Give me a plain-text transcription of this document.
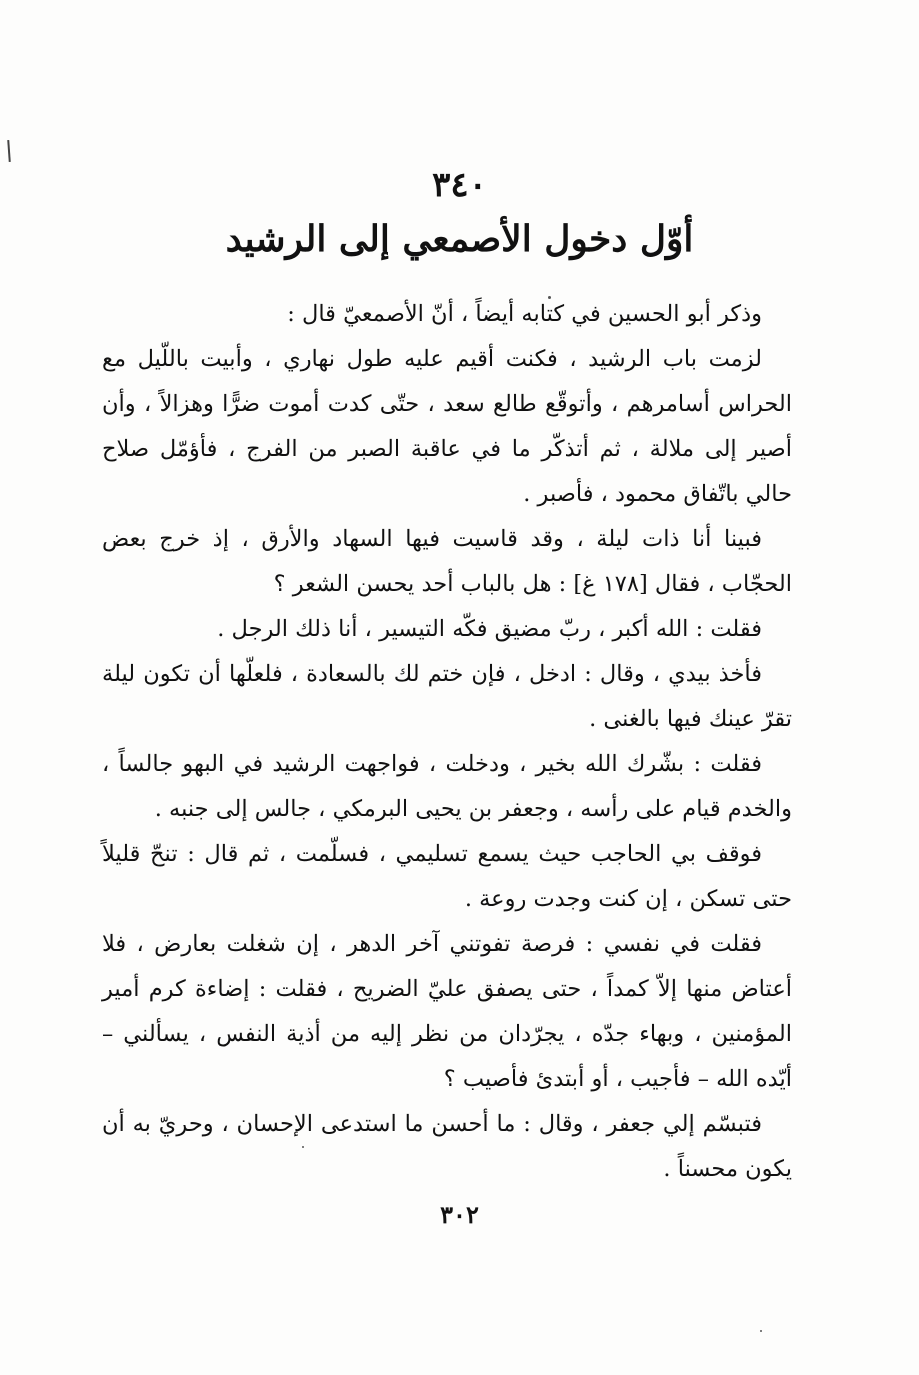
٣٤٠
أوّل دخول الأصمعي إلى الرشيد

وذكر أبو الحسين في كتابه أيضاً ، أنّ الأصمعيّ قال :

لزمت باب الرشيد ، فكنت أقيم عليه طول نهاري ، وأبيت باللّيل مع الحراس أسامرهم ، وأتوقّع طالع سعد ، حتّى كدت أموت ضرًّا وهزالاً ، وأن أصير إلى ملالة ، ثم أتذكّر ما في عاقبة الصبر من الفرج ، فأؤمّل صلاح حالي باتّفاق محمود ، فأصبر .

فبينا أنا ذات ليلة ، وقد قاسيت فيها السهاد والأرق ، إذ خرج بعض الحجّاب ، فقال [١٧٨ غ] : هل بالباب أحد يحسن الشعر ؟

فقلت : الله أكبر ، ربّ مضيق فكّه التيسير ، أنا ذلك الرجل .

فأخذ بيدي ، وقال : ادخل ، فإن ختم لك بالسعادة ، فلعلّها أن تكون ليلة تقرّ عينك فيها بالغنى .

فقلت : بشّرك الله بخير ، ودخلت ، فواجهت الرشيد في البهو جالساً ، والخدم قيام على رأسه ، وجعفر بن يحيى البرمكي ، جالس إلى جنبه .

فوقف بي الحاجب حيث يسمع تسليمي ، فسلّمت ، ثم قال : تنحّ قليلاً حتى تسكن ، إن كنت وجدت روعة .

فقلت في نفسي : فرصة تفوتني آخر الدهر ، إن شغلت بعارض ، فلا أعتاض منها إلاّ كمداً ، حتى يصفق عليّ الضريح ، فقلت : إضاءة كرم أمير المؤمنين ، وبهاء جدّه ، يجرّدان من نظر إليه من أذية النفس ، يسألني – أيّده الله – فأجيب ، أو أبتدئ فأصيب ؟

فتبسّم إلي جعفر ، وقال : ما أحسن ما استدعى الإحسان ، وحريّ به أن يكون محسناً .

٣٠٢
